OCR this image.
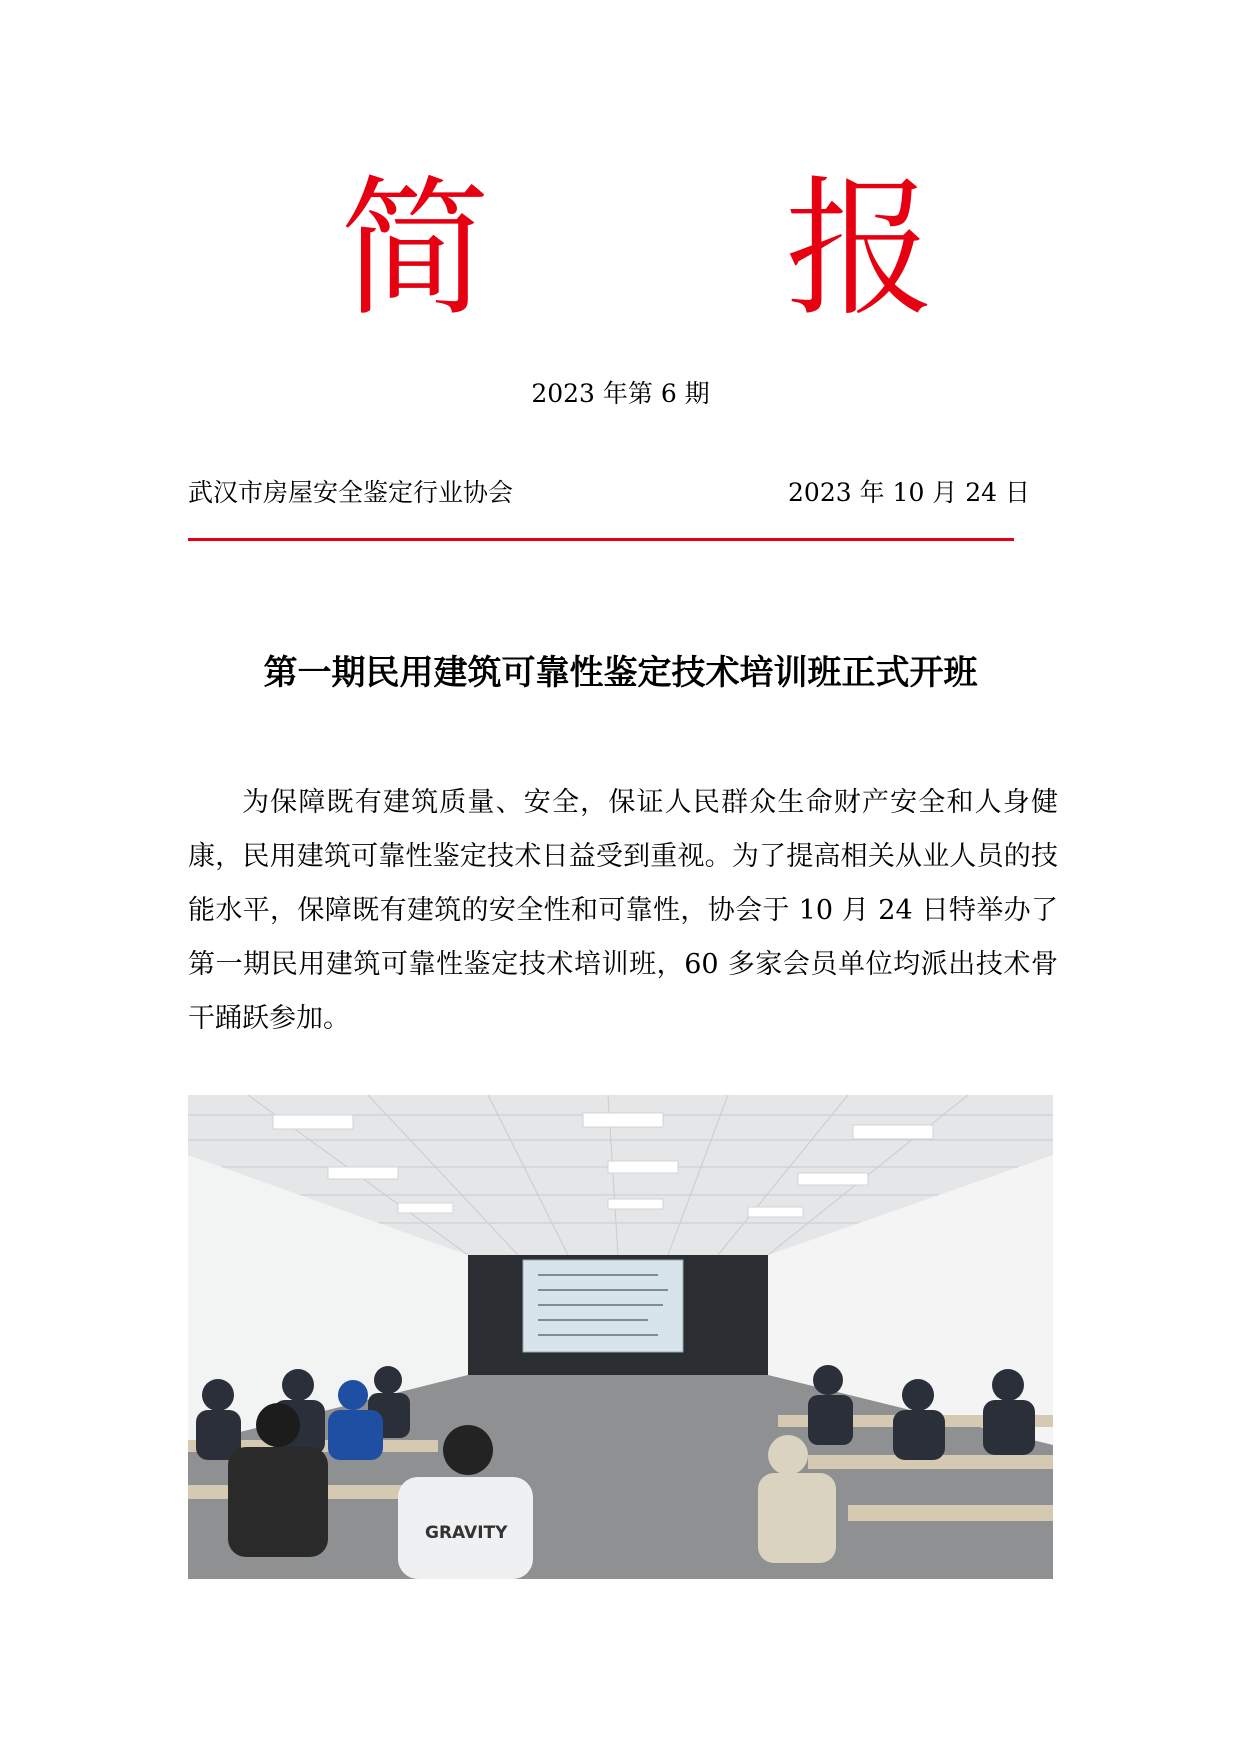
简 报
2023 年第 6 期
武汉市房屋安全鉴定行业协会	2023 年 10 月 24 日
第一期民用建筑可靠性鉴定技术培训班正式开班

为保障既有建筑质量、安全，保证人民群众生命财产安全和人身健康，民用建筑可靠性鉴定技术日益受到重视。为了提高相关从业人员的技能水平，保障既有建筑的安全性和可靠性，协会于 10 月 24 日特举办了第一期民用建筑可靠性鉴定技术培训班，60 多家会员单位均派出技术骨干踊跃参加。

GRAVITY
